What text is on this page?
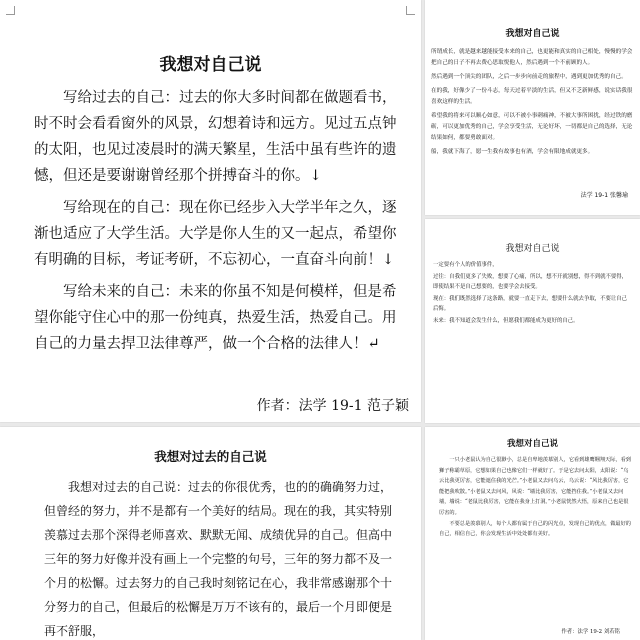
我想对自己说

写给过去的自己：过去的你大多时间都在做题看书，时不时会看看窗外的风景，幻想着诗和远方。见过五点钟的太阳，也见过凌晨时的满天繁星，生活中虽有些许的遗憾，但还是要谢谢曾经那个拼搏奋斗的你。↓

写给现在的自己：现在你已经步入大学半年之久，逐渐也适应了大学生活。大学是你人生的又一起点，希望你有明确的目标，考证考研，不忘初心，一直奋斗向前！↓

写给未来的自己：未来的你虽不知是何模样，但是希望你能守住心中的那一份纯真，热爱生活，热爱自己。用自己的力量去捍卫法律尊严，做一个合格的法律人！↵

作者：法学 19-1 范子颖
我想对自己说

所谓成长，就是越来越能接受本来的自己，也更能和真实的自己相处，慢慢的学会把自己的日子不再去费心思取悦他人，然后遇到一个不前顾的人。

然后遇到一个顶尖的团队，之后一步步向前走的旅程中，遇到更加优秀的自己。

在的我，好像少了一份斗志，每天过着平淡的生活，但又不乏新鲜感，说实话我很喜欢这样的生活。

希望我的将来可以顺心如意，可以不被小事刺痛神，不被大事所困扰，经过铁的磨砺，可以更加优秀的自己，学会享受生活，无论好坏，一切都是自己的选择，无论结果如何，都要勇敢面对。

船，我就下海了，愿一生我有故事也有酒，学会有限地成就更多。

法学 19-1 张馨瑜
我想对自己说

一定要有个人的价值事件，

过往：自我们更多了失败，想要了心痛，所以，想不开就别想，得不到就不要得，即使结果不是自己想要的，也要学会去接受。

现在：我们既然选择了这条路，就要一直走下去，想要什么就去争取，不要让自己后悔。

未来：我不知道会发生什么，但愿我们都能成为更好的自己。

我想对过去的自己说

我想对过去的自己说：过去的你很优秀，也的的确确努力过，但曾经的努力，并不是都有一个美好的结局。现在的我，其实特别羡慕过去那个深得老师喜欢、默默无闻、成绩优异的自己。但高中三年的努力好像并没有画上一个完整的句号，三年的努力都不及一个月的松懈。过去努力的自己我时刻铭记在心，我非常感谢那个十分努力的自己，但最后的松懈是万万不该有的，最后一个月即便是再不舒服，

我想对自己说

一只小老鼠认为自己很渺小，总是自卑地羡慕别人，它看到雄鹰翱翔天际，看到狮子称霸草原，它想如果自己也像它们一样就好了。于是它去问太阳，太阳说：“乌云比我更厉害，它能遮住我的光芒。”小老鼠又去问乌云，乌云说：“风比我厉害，它能把我吹散。”小老鼠又去问风，风说：“墙比我厉害，它能挡住我。”小老鼠又去问墙，墙说：“老鼠比我厉害，它能在我身上打洞。”小老鼠恍然大悟，原来自己也是很厉害的。

不要总是羡慕别人，每个人都有属于自己的闪光点，发现自己的优点，做最好的自己，相信自己，你会发现生活中处处都有美好。

作者：法学 19-2 刘若铭
